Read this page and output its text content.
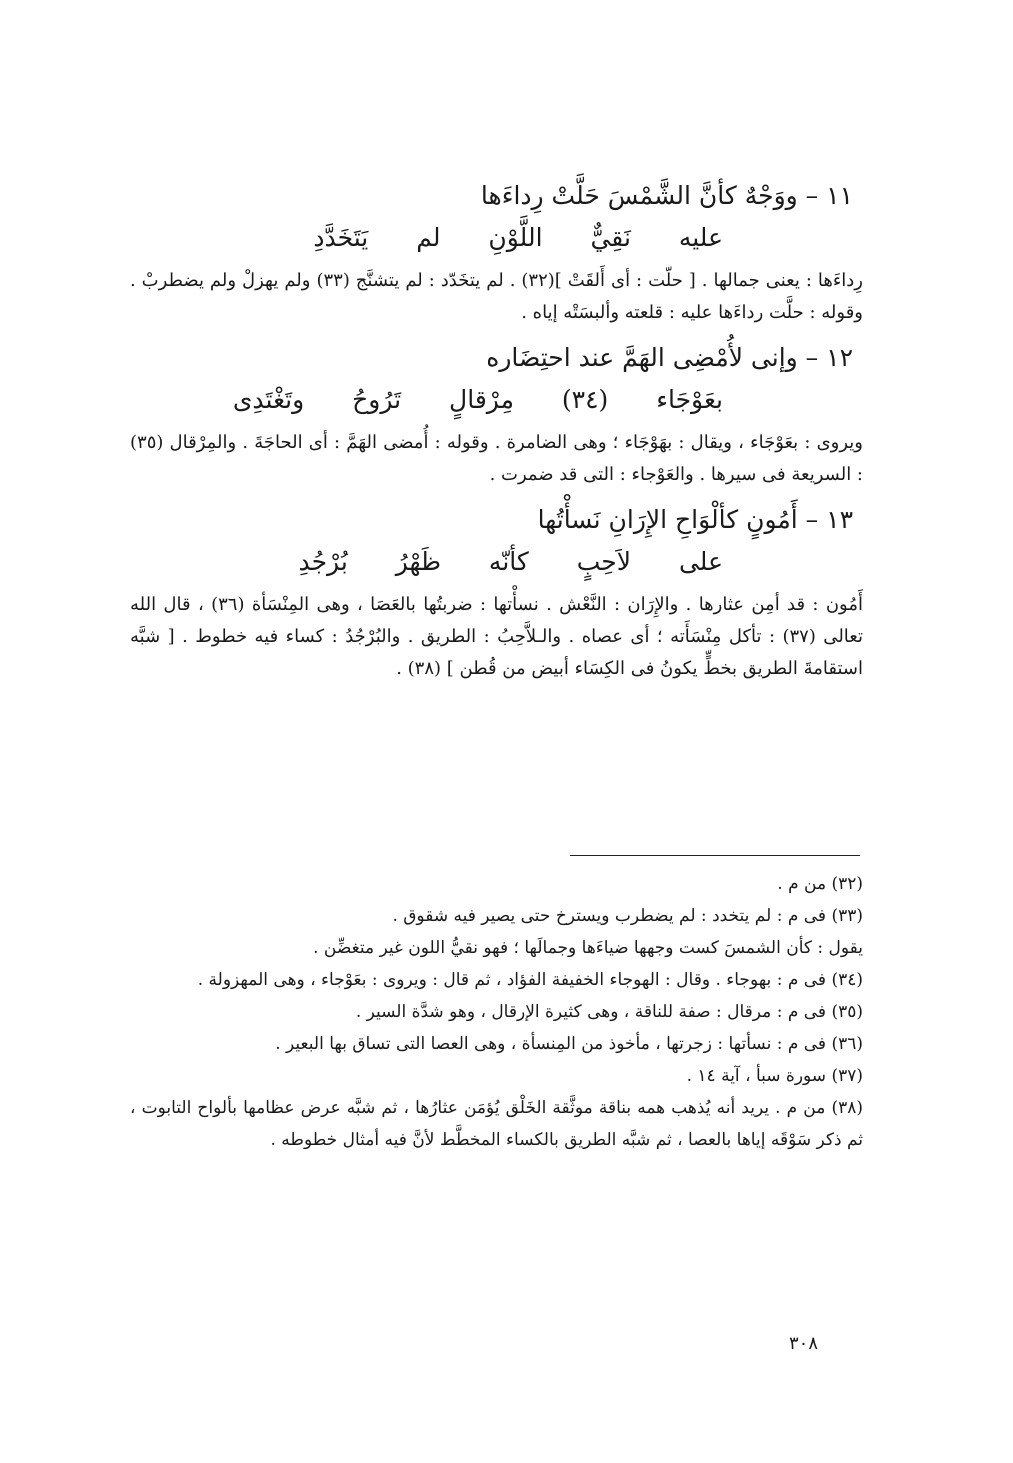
١١ – ووَجْهٌ كأنَّ الشَّمْسَ حَلَّتْ رِداءَها
عليه نَقِيٌّ اللَّوْنِ لم يَتَخَدَّدِ
رِداءَها : يعنى جمالها . [ حلّت : أى أَلقَتْ ](٣٢) . لم يتخَدّد : لم يتشنَّج (٣٣) ولم يهزلْ ولم يضطربْ . وقوله : حلَّت رداءَها عليه : قلعته وألبسَتْه إياه .
١٢ – وإنى لأُمْضِى الهَمَّ عند احتِضَاره
بعَوْجَاء (٣٤) مِرْقالٍ تَرُوحُ وتَغْتَدِى
ويروى : بعَوْجَاء ، ويقال : بهَوْجَاء ؛ وهى الضامرة . وقوله : أُمضى الهَمَّ : أى الحاجَةَ . والمِرْقال (٣٥) : السريعة فى سيرها . والعَوْجاء : التى قد ضمرت .
١٣ – أَمُونٍ كألْوَاحِ الإِرَانِ نَسأْتُها
على لاَحِبٍ كأنّه ظَهْرُ بُرْجُدِ
أَمُون : قد أمِن عثارها . والإِرَان : النَّعْش . نسأْتها : ضربتُها بالعَصَا ، وهى المِنْسَأة (٣٦) ، قال الله تعالى (٣٧) : تأكل مِنْسَأَته ؛ أى عصاه . والـلاَّحِبُ : الطريق . والبُرْجُدُ : كساء فيه خطوط . [ شبَّه استقامةَ الطريق بخطٍّ يكونُ فى الكِسَاء أبيض من قُطن ] (٣٨) .
(٣٢) من م .
(٣٣) فى م : لم يتخدد : لم يضطرب ويسترخ حتى يصير فيه شقوق .
يقول : كأن الشمسَ كست وجهها ضياءَها وجمالَها ؛ فهو نقيُّ اللون غير متغضِّن .
(٣٤) فى م : بهوجاء . وقال : الهوجاء الخفيفة الفؤاد ، ثم قال : ويروى : بعَوْجاء ، وهى المهزولة .
(٣٥) فى م : مرقال : صفة للناقة ، وهى كثيرة الإرقال ، وهو شدَّة السير .
(٣٦) فى م : نسأتها : زجرتها ، مأخوذ من المِنسأة ، وهى العصا التى تساق بها البعير .
(٣٧) سورة سبأ ، آية ١٤ .
(٣٨) من م . يريد أنه يُذهب همه بناقة موثَّقة الخَلْق يُؤمَن عثارُها ، ثم شبَّه عرض عظامها بألواح التابوت ، ثم ذكر سَوْقَه إياها بالعصا ، ثم شبَّه الطريق بالكساء المخطَّط لأنَّ فيه أمثال خطوطه .
٣٠٨
